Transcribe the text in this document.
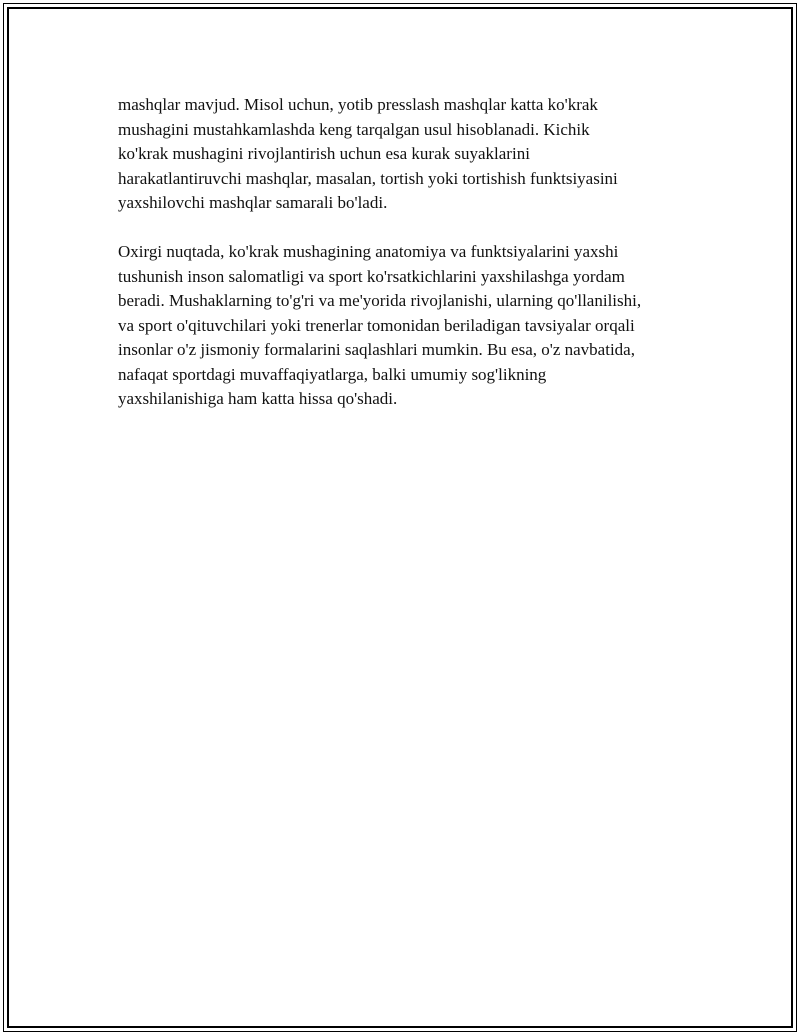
mashqlar mavjud. Misol uchun, yotib presslash mashqlar katta ko'krak
mushagini mustahkamlashda keng tarqalgan usul hisoblanadi. Kichik
ko'krak mushagini rivojlantirish uchun esa kurak suyaklarini
harakatlantiruvchi mashqlar, masalan, tortish yoki tortishish funktsiyasini
yaxshilovchi mashqlar samarali bo'ladi.

Oxirgi nuqtada, ko'krak mushagining anatomiya va funktsiyalarini yaxshi
tushunish inson salomatligi va sport ko'rsatkichlarini yaxshilashga yordam
beradi. Mushaklarning to'g'ri va me'yorida rivojlanishi, ularning qo'llanilishi,
va sport o'qituvchilari yoki trenerlar tomonidan beriladigan tavsiyalar orqali
insonlar o'z jismoniy formalarini saqlashlari mumkin. Bu esa, o'z navbatida,
nafaqat sportdagi muvaffaqiyatlarga, balki umumiy sog'likning
yaxshilanishiga ham katta hissa qo'shadi.
